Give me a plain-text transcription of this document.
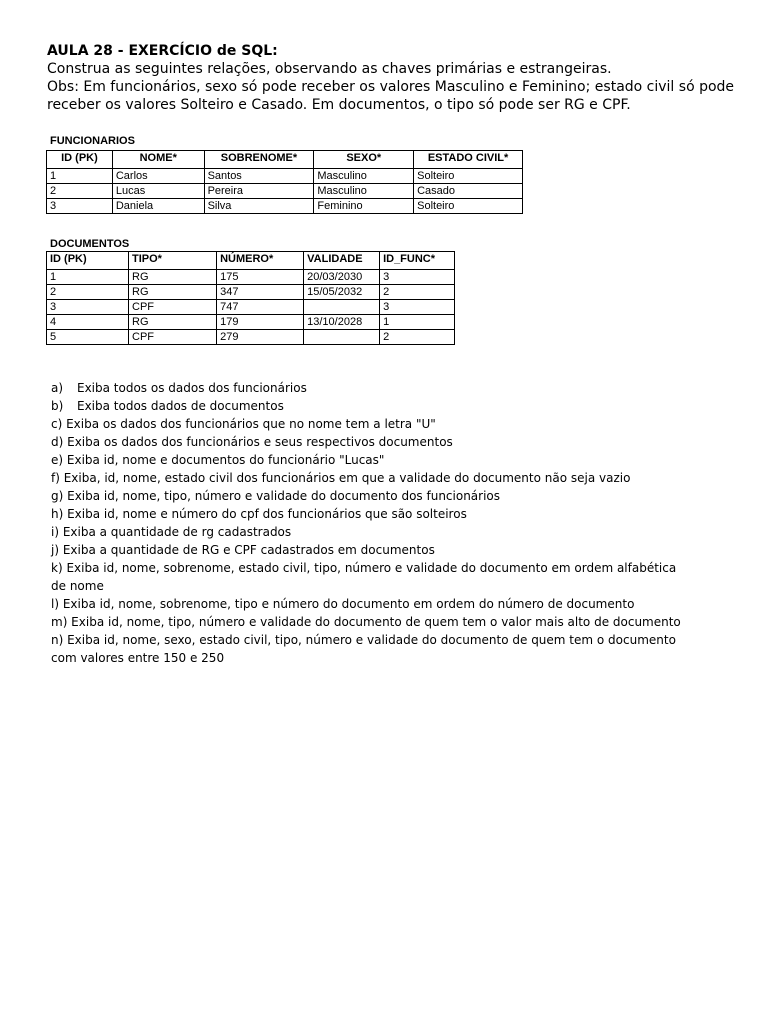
AULA 28 - EXERCÍCIO de SQL:

Construa as seguintes relações, observando as chaves primárias e estrangeiras.

Obs: Em funcionários, sexo só pode receber os valores Masculino e Feminino; estado civil só pode

receber os valores Solteiro e Casado. Em documentos, o tipo só pode ser RG e CPF.

FUNCIONARIOS
ID (PK)	NOME*	SOBRENOME*	SEXO*	ESTADO CIVIL*
1	Carlos	Santos	Masculino	Solteiro
2	Lucas	Pereira	Masculino	Casado
3	Daniela	Silva	Feminino	Solteiro
DOCUMENTOS
ID (PK)	TIPO*	NÚMERO*	VALIDADE	ID_FUNC*
1	RG	175	20/03/2030	3
2	RG	347	15/05/2032	2
3	CPF	747		3
4	RG	179	13/10/2028	1
5	CPF	279		2
a) Exiba todos os dados dos funcionários
b) Exiba todos dados de documentos
c) Exiba os dados dos funcionários que no nome tem a letra "U"
d) Exiba os dados dos funcionários e seus respectivos documentos
e) Exiba id, nome e documentos do funcionário "Lucas"
f) Exiba, id, nome, estado civil dos funcionários em que a validade do documento não seja vazio
g) Exiba id, nome, tipo, número e validade do documento dos funcionários
h) Exiba id, nome e número do cpf dos funcionários que são solteiros
i) Exiba a quantidade de rg cadastrados
j) Exiba a quantidade de RG e CPF cadastrados em documentos
k) Exiba id, nome, sobrenome, estado civil, tipo, número e validade do documento em ordem alfabética de nome
l) Exiba id, nome, sobrenome, tipo e número do documento em ordem do número de documento
m) Exiba id, nome, tipo, número e validade do documento de quem tem o valor mais alto de documento
n) Exiba id, nome, sexo, estado civil, tipo, número e validade do documento de quem tem o documento com valores entre 150 e 250
